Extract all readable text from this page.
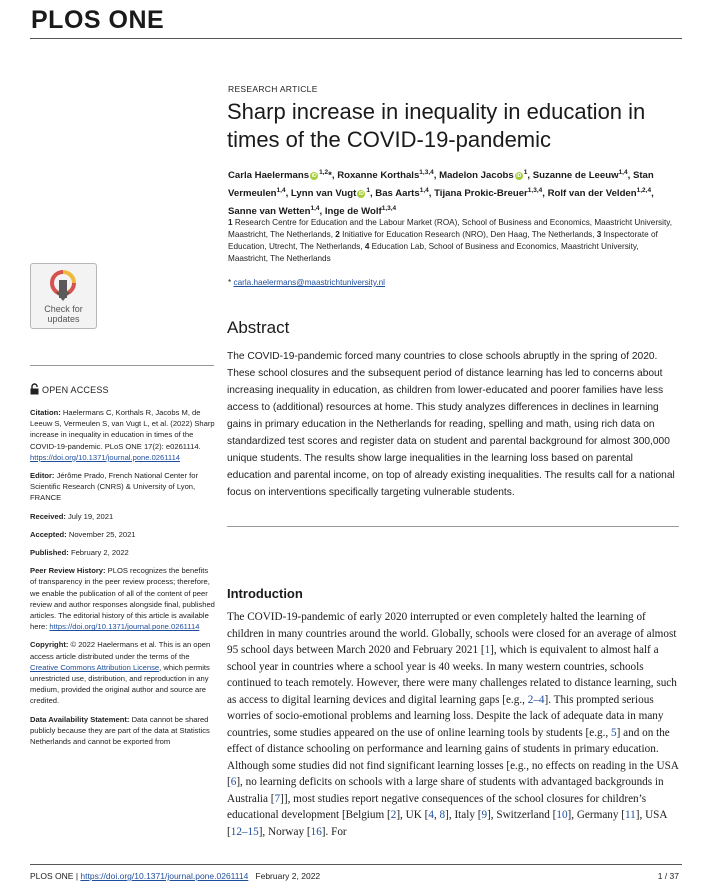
PLOS ONE
RESEARCH ARTICLE
Sharp increase in inequality in education in times of the COVID-19-pandemic
Carla Haelermans iD $^{1,2}$*, Roxanne Korthals$^{1,3,4}$, Madelon Jacobs iD $^1$, Suzanne de Leeuw$^{1,4}$, Stan Vermeulen$^{1,4}$, Lynn van Vugt iD $^1$, Bas Aarts$^{1,4}$, Tijana Prokic-Breuer$^{1,3,4}$, Rolf van der Velden$^{1,2,4}$, Sanne van Wetten$^{1,4}$, Inge de Wolf$^{1,3,4}$
1 Research Centre for Education and the Labour Market (ROA), School of Business and Economics, Maastricht University, Maastricht, The Netherlands, 2 Initiative for Education Research (NRO), Den Haag, The Netherlands, 3 Inspectorate of Education, Utrecht, The Netherlands, 4 Education Lab, School of Business and Economics, Maastricht University, Maastricht, The Netherlands
* carla.haelermans@maastrichtuniversity.nl
Check for
updates
OPEN ACCESS

Citation: Haelermans C, Korthals R, Jacobs M, de Leeuw S, Vermeulen S, van Vugt L, et al. (2022) Sharp increase in inequality in education in times of the COVID-19-pandemic. PLoS ONE 17(2): e0261114. https://doi.org/10.1371/journal.pone.0261114

Editor: Jérôme Prado, French National Center for Scientific Research (CNRS) & University of Lyon, FRANCE

Received: July 19, 2021

Accepted: November 25, 2021

Published: February 2, 2022

Peer Review History: PLOS recognizes the benefits of transparency in the peer review process; therefore, we enable the publication of all of the content of peer review and author responses alongside final, published articles. The editorial history of this article is available here: https://doi.org/10.1371/journal.pone.0261114

Copyright: © 2022 Haelermans et al. This is an open access article distributed under the terms of the Creative Commons Attribution License, which permits unrestricted use, distribution, and reproduction in any medium, provided the original author and source are credited.

Data Availability Statement: Data cannot be shared publicly because they are part of the data at Statistics Netherlands and cannot be exported from

Abstract

The COVID-19-pandemic forced many countries to close schools abruptly in the spring of 2020. These school closures and the subsequent period of distance learning has led to concerns about increasing inequality in education, as children from lower-educated and poorer families have less access to (additional) resources at home. This study analyzes differences in declines in learning gains in primary education in the Netherlands for reading, spelling and math, using rich data on standardized test scores and register data on student and parental background for almost 300,000 unique students. The results show large inequalities in the learning loss based on parental education and parental income, on top of already existing inequalities. The results call for a national focus on interventions specifically targeting vulnerable students.

Introduction

The COVID-19-pandemic of early 2020 interrupted or even completely halted the learning of children in many countries around the world. Globally, schools were closed for an average of almost 95 school days between March 2020 and February 2021 [1], which is equivalent to almost half a school year in countries where a school year is 40 weeks. In many western countries, schools continued to teach remotely. However, there were many challenges related to distance learning, such as access to digital learning devices and digital learning gaps [e.g., 2–4]. This prompted serious worries of socio-emotional problems and learning loss. Despite the lack of adequate data in many countries, some studies appeared on the use of online learning tools by students [e.g., 5] and on the effect of distance schooling on performance and learning gains of students in primary education. Although some studies did not find significant learning losses [e.g., no effects on reading in the USA [6], no learning deficits on schools with a large share of students with advantaged backgrounds in Australia [7]], most studies report negative consequences of the school closures for children’s educational development [Belgium [2], UK [4, 8], Italy [9], Switzerland [10], Germany [11], USA [12–15], Norway [16]. For

PLOS ONE | https://doi.org/10.1371/journal.pone.0261114   February 2, 2022	1 / 37
